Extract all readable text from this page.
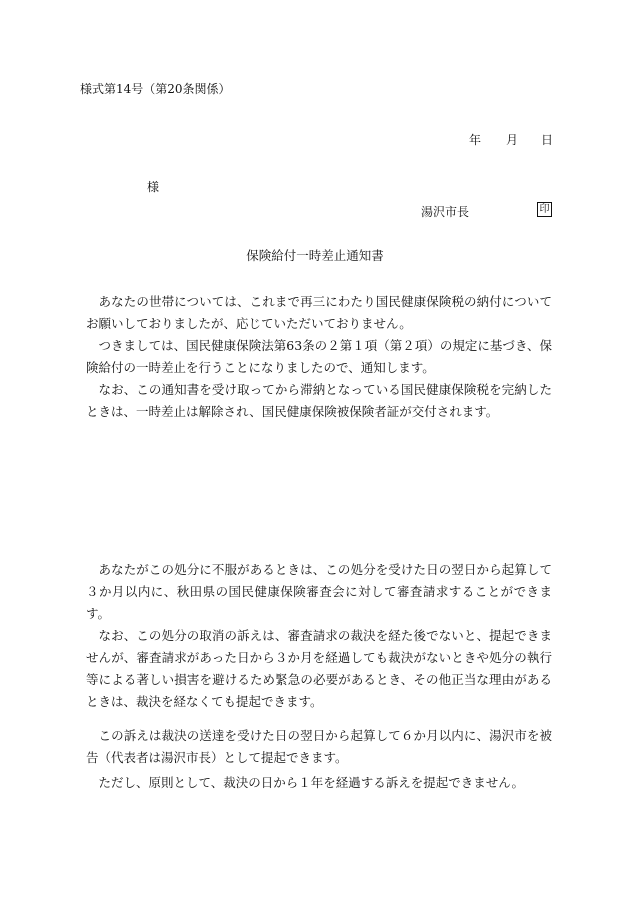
様式第14号（第20条関係）
年 月 日
様
湯沢市長	印
保険給付一時差止通知書

あなたの世帯については、これまで再三にわたり国民健康保険税の納付についてお願いしておりましたが、応じていただいておりません。

つきましては、国民健康保険法第63条の２第１項（第２項）の規定に基づき、保険給付の一時差止を行うことになりましたので、通知します。

なお、この通知書を受け取ってから滞納となっている国民健康保険税を完納したときは、一時差止は解除され、国民健康保険被保険者証が交付されます。

あなたがこの処分に不服があるときは、この処分を受けた日の翌日から起算して３か月以内に、秋田県の国民健康保険審査会に対して審査請求することができます。

なお、この処分の取消の訴えは、審査請求の裁決を経た後でないと、提起できませんが、審査請求があった日から３か月を経過しても裁決がないときや処分の執行等による著しい損害を避けるため緊急の必要があるとき、その他正当な理由があるときは、裁決を経なくても提起できます。

この訴えは裁決の送達を受けた日の翌日から起算して６か月以内に、湯沢市を被告（代表者は湯沢市長）として提起できます。

ただし、原則として、裁決の日から１年を経過する訴えを提起できません。
